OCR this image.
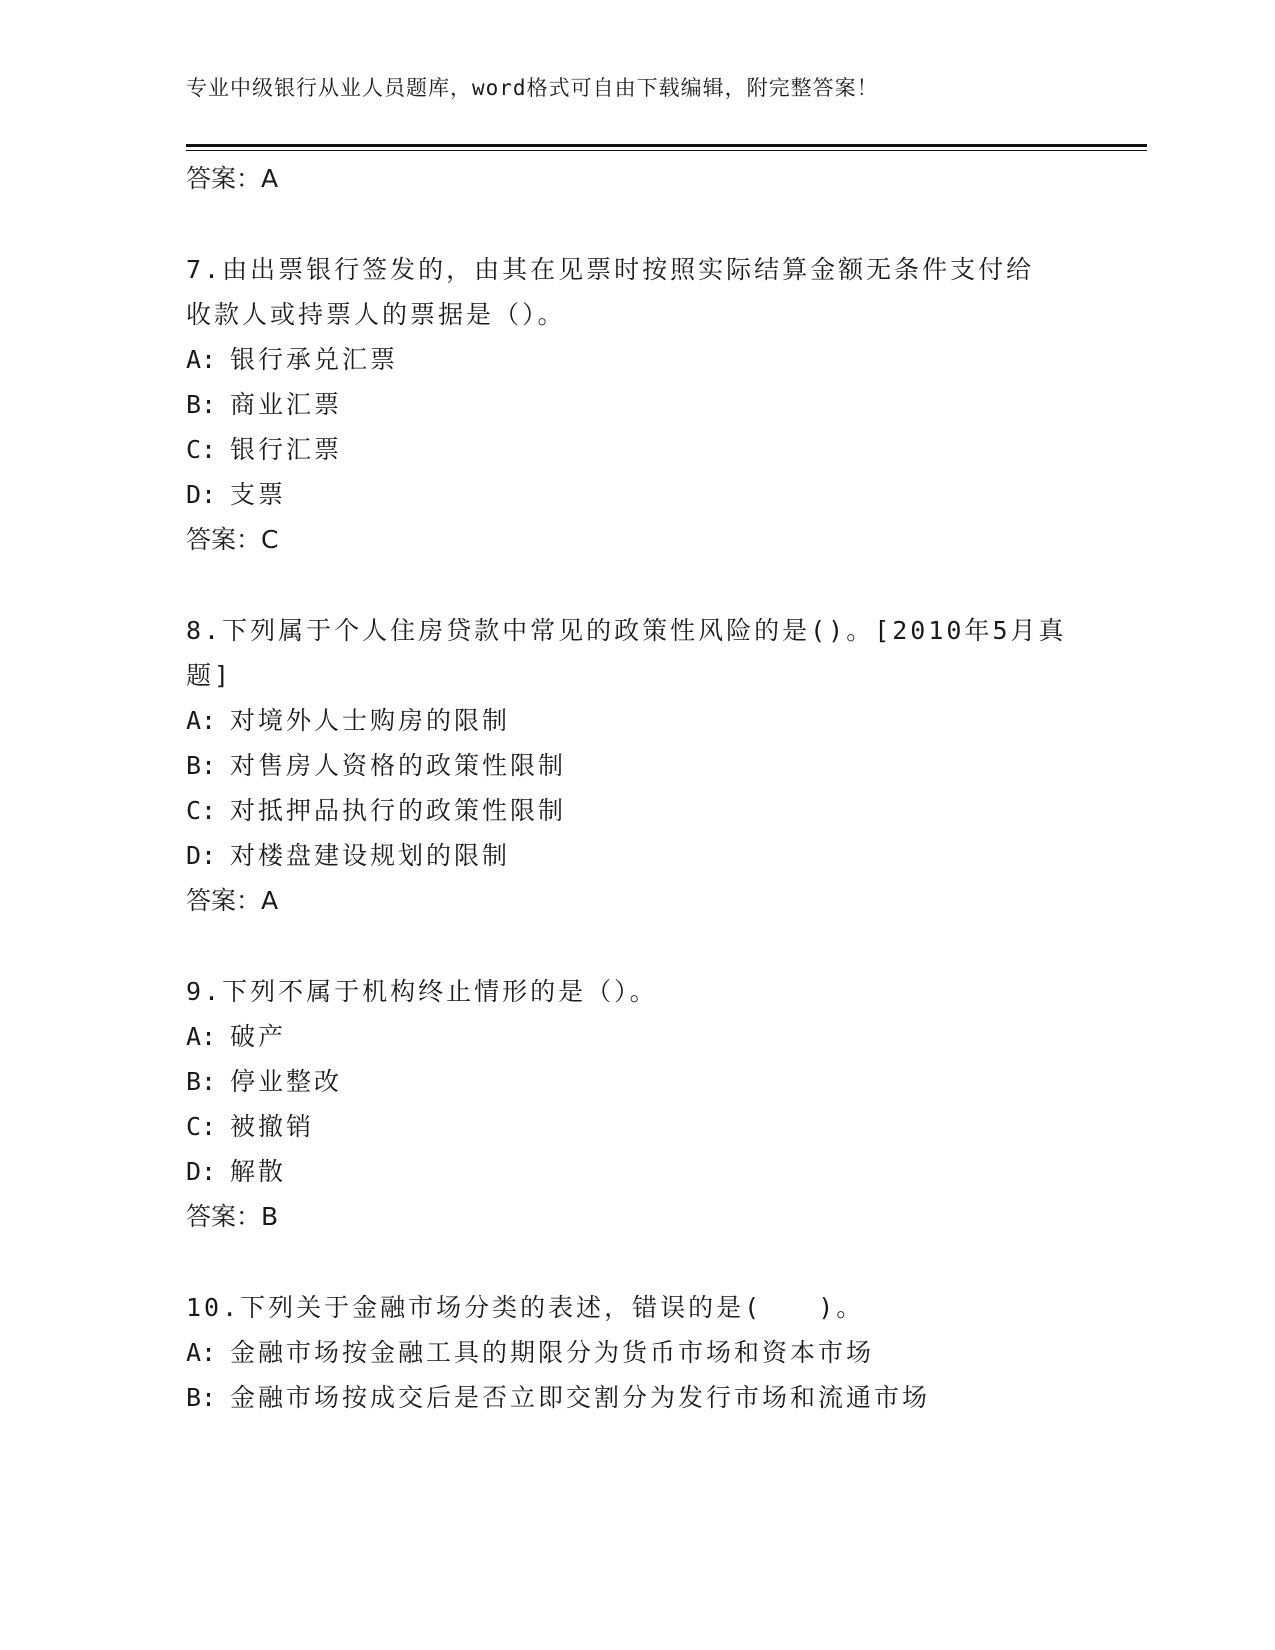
专业中级银行从业人员题库，word格式可自由下载编辑，附完整答案！
答案：A
7.由出票银行签发的，由其在见票时按照实际结算金额无条件支付给
收款人或持票人的票据是（）。
A: 银行承兑汇票
B: 商业汇票
C: 银行汇票
D: 支票
答案：C
8.下列属于个人住房贷款中常见的政策性风险的是()。[2010年5月真
题]
A: 对境外人士购房的限制
B: 对售房人资格的政策性限制
C: 对抵押品执行的政策性限制
D: 对楼盘建设规划的限制
答案：A
9.下列不属于机构终止情形的是（）。
A: 破产
B: 停业整改
C: 被撤销
D: 解散
答案：B
10.下列关于金融市场分类的表述，错误的是(　　)。
A: 金融市场按金融工具的期限分为货币市场和资本市场
B: 金融市场按成交后是否立即交割分为发行市场和流通市场
